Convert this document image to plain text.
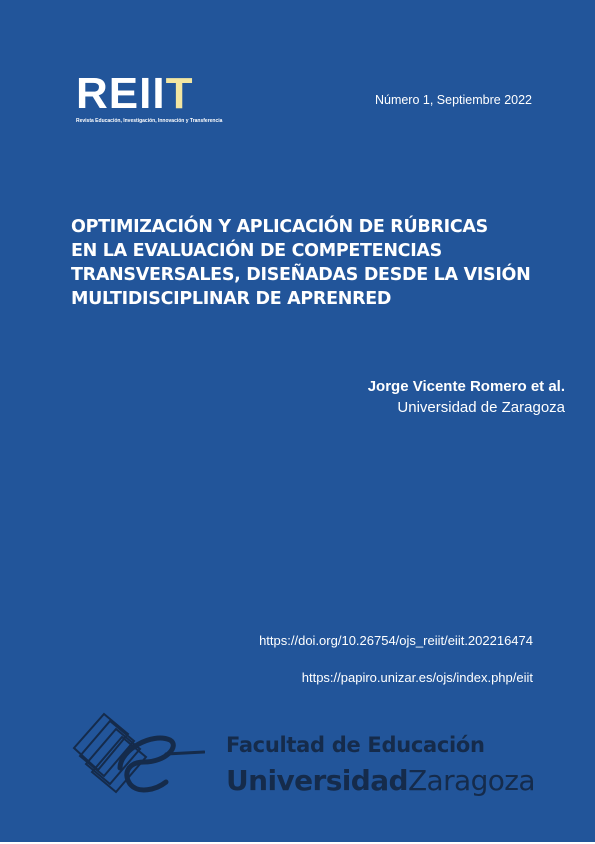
REIIT
Revista Educación, Investigación, Innovación y Transferencia
Número 1, Septiembre 2022
OPTIMIZACIÓN Y APLICACIÓN DE RÚBRICAS
EN LA EVALUACIÓN DE COMPETENCIAS
TRANSVERSALES, DISEÑADAS DESDE LA VISIÓN
MULTIDISCIPLINAR DE APRENRED
Jorge Vicente Romero et al.
Universidad de Zaragoza
https://doi.org/10.26754/ojs_reiit/eiit.202216474
https://papiro.unizar.es/ojs/index.php/eiit
Facultad de Educación
UniversidadZaragoza
